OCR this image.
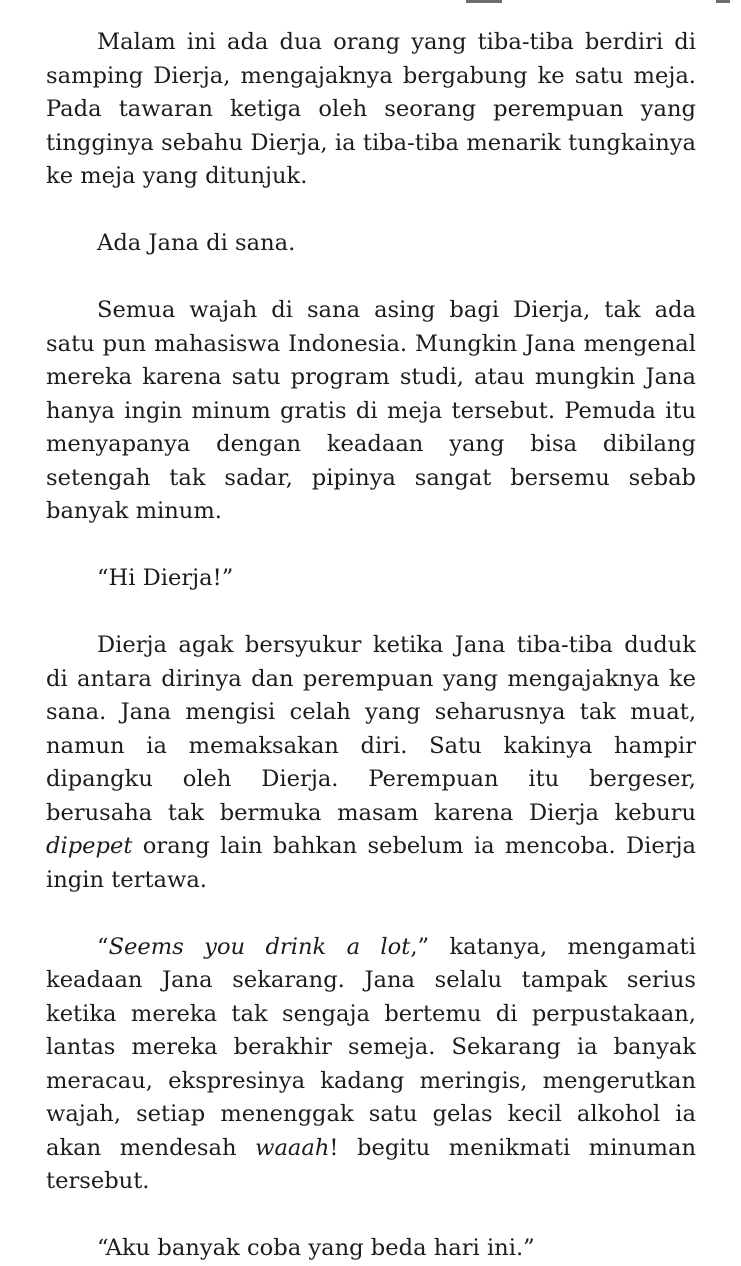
Malam ini ada dua orang yang tiba-tiba berdiri di samping Dierja, mengajaknya bergabung ke satu meja. Pada tawaran ketiga oleh seorang perempuan yang tingginya sebahu Dierja, ia tiba-tiba menarik tungkainya ke meja yang ditunjuk.

Ada Jana di sana.

Semua wajah di sana asing bagi Dierja, tak ada satu pun mahasiswa Indonesia. Mungkin Jana mengenal mereka karena satu program studi, atau mungkin Jana hanya ingin minum gratis di meja tersebut. Pemuda itu menyapanya dengan keadaan yang bisa dibilang setengah tak sadar, pipinya sangat bersemu sebab banyak minum.

“Hi Dierja!”

Dierja agak bersyukur ketika Jana tiba-tiba duduk di antara dirinya dan perempuan yang mengajaknya ke sana. Jana mengisi celah yang seharusnya tak muat, namun ia memaksakan diri. Satu kakinya hampir dipangku oleh Dierja. Perempuan itu bergeser, berusaha tak bermuka masam karena Dierja keburu dipepet orang lain bahkan sebelum ia mencoba. Dierja ingin tertawa.

“Seems you drink a lot,” katanya, mengamati keadaan Jana sekarang. Jana selalu tampak serius ketika mereka tak sengaja bertemu di perpustakaan, lantas mereka berakhir semeja. Sekarang ia banyak meracau, ekspresinya kadang meringis, mengerutkan wajah, setiap menenggak satu gelas kecil alkohol ia akan mendesah waaah! begitu menikmati minuman tersebut.

“Aku banyak coba yang beda hari ini.”
